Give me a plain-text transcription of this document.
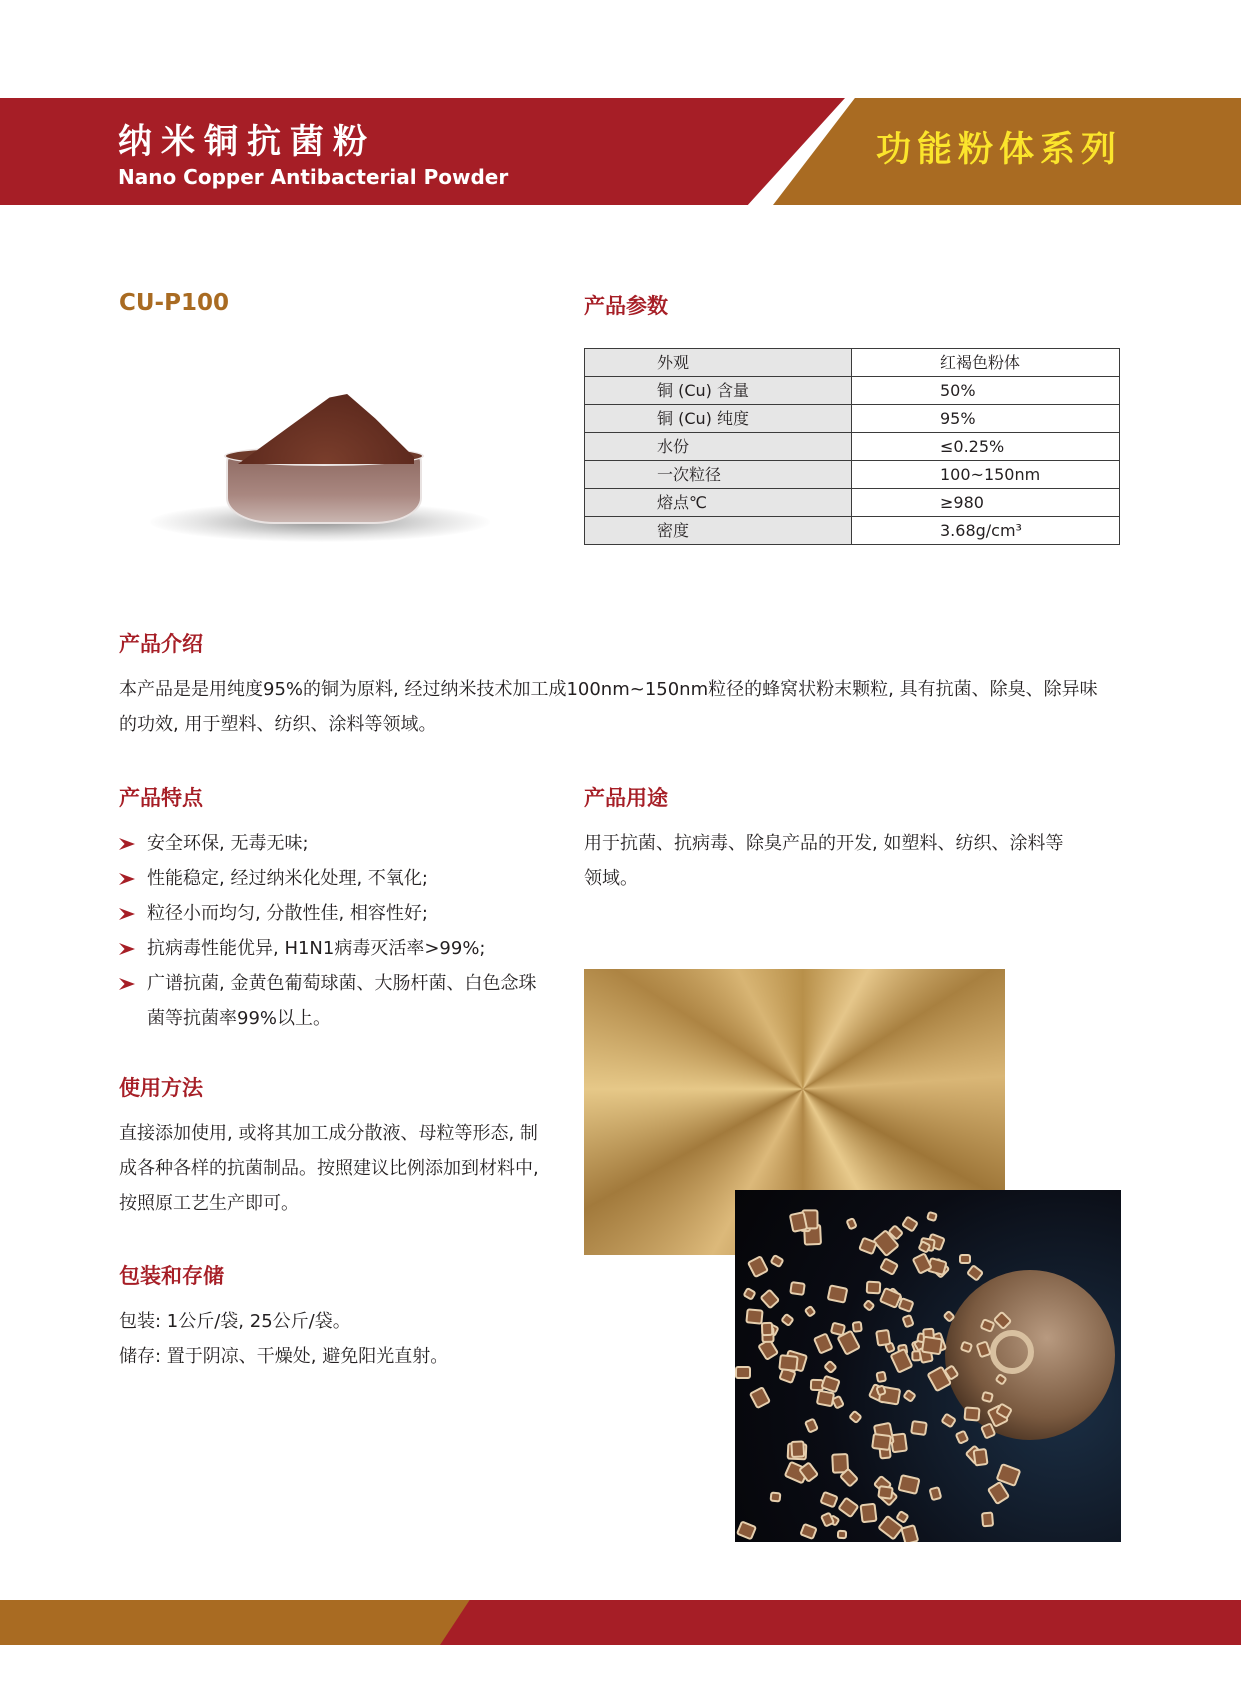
纳米铜抗菌粉
Nano Copper Antibacterial Powder
功能粉体系列
CU-P100	产品参数
外观	红褐色粉体
铜 (Cu) 含量	50%
铜 (Cu) 纯度	95%
水份	≤0.25%
一次粒径	100~150nm
熔点℃	≥980
密度	3.68g/cm³
产品介绍
本产品是是用纯度95%的铜为原料, 经过纳米技术加工成100nm~150nm粒径的蜂窝状粉末颗粒, 具有抗菌、除臭、除异味的功效, 用于塑料、纺织、涂料等领域。
产品特点
安全环保, 无毒无味;
性能稳定, 经过纳米化处理, 不氧化;
粒径小而均匀, 分散性佳, 相容性好;
抗病毒性能优异, H1N1病毒灭活率>99%;
广谱抗菌, 金黄色葡萄球菌、大肠杆菌、白色念珠菌等抗菌率99%以上。
产品用途
用于抗菌、抗病毒、除臭产品的开发, 如塑料、纺织、涂料等领域。
使用方法
直接添加使用, 或将其加工成分散液、母粒等形态, 制成各种各样的抗菌制品。按照建议比例添加到材料中, 按照原工艺生产即可。
包装和存储
包装: 1公斤/袋, 25公斤/袋。
储存: 置于阴凉、干燥处, 避免阳光直射。
